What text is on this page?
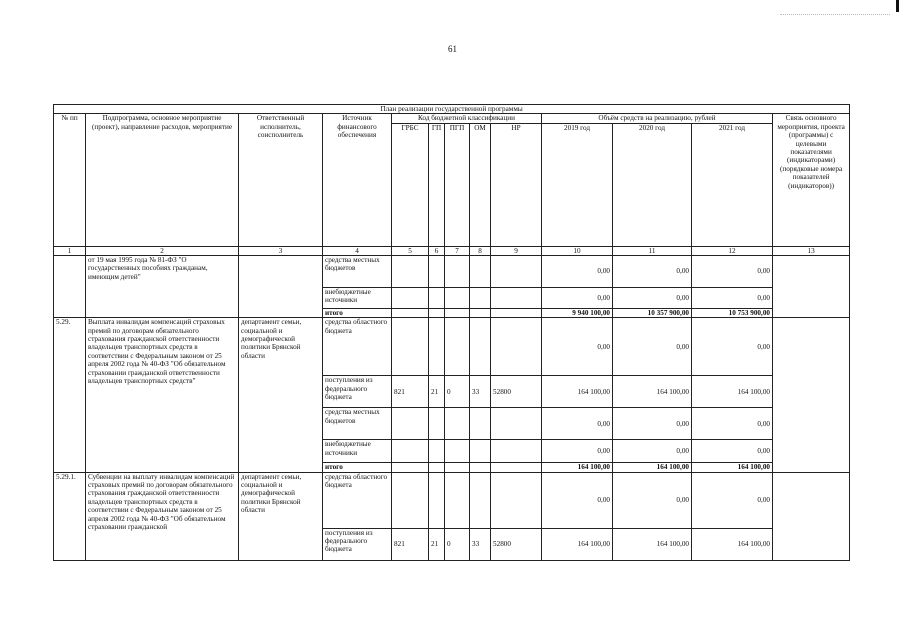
61
План реализации государственной программы												
№ пп	Подпрограмма, основное мероприятие (проект), направление расходов, мероприятие	Ответственный исполнитель, соисполнитель	Источник финансового обеспечения	Код бюджетной классификации					Объём средств на реализацию, рублей			Связь основного мероприятия, проекта (программы) с целевыми показателями (индикаторами) (порядковые номера показателей (индикаторов))
				ГРБС	ГП	ПГП	ОМ	НР	2019 год	2020 год	2021 год	
1	2	3	4	5	6	7	8	9	10	11	12	13
	от 19 мая 1995 года № 81-ФЗ "О государственных пособиях гражданам, имеющим детей"		средства местных бюджетов						0,00	0,00	0,00	
			внебюджетные источники						0,00	0,00	0,00	
			итого						9 940 100,00	10 357 900,00	10 753 900,00	
5.29.	Выплата инвалидам компенсаций страховых премий по договорам обязательного страхования гражданской ответственности владельцев транспортных средств в соответствии с Федеральным законом от 25 апреля 2002 года № 40-ФЗ "Об обязательном страховании гражданской ответственности владельцев транспортных средств"	департамент семьи, социальной и демографической политики Брянской области	средства областного бюджета						0,00	0,00	0,00	
			поступления из федерального бюджета	821	21	0	33	52800	164 100,00	164 100,00	164 100,00	
			средства местных бюджетов						0,00	0,00	0,00	
			внебюджетные источники						0,00	0,00	0,00	
			итого						164 100,00	164 100,00	164 100,00	
5.29.1.	Субвенции на выплату инвалидам компенсаций страховых премий по договорам обязательного страхования гражданской ответственности владельцев транспортных средств в соответствии с Федеральным законом от 25 апреля 2002 года № 40-ФЗ "Об обязательном страховании гражданской	департамент семьи, социальной и демографической политики Брянской области	средства областного бюджета						0,00	0,00	0,00	
			поступления из федерального бюджета	821	21	0	33	52800	164 100,00	164 100,00	164 100,00	
